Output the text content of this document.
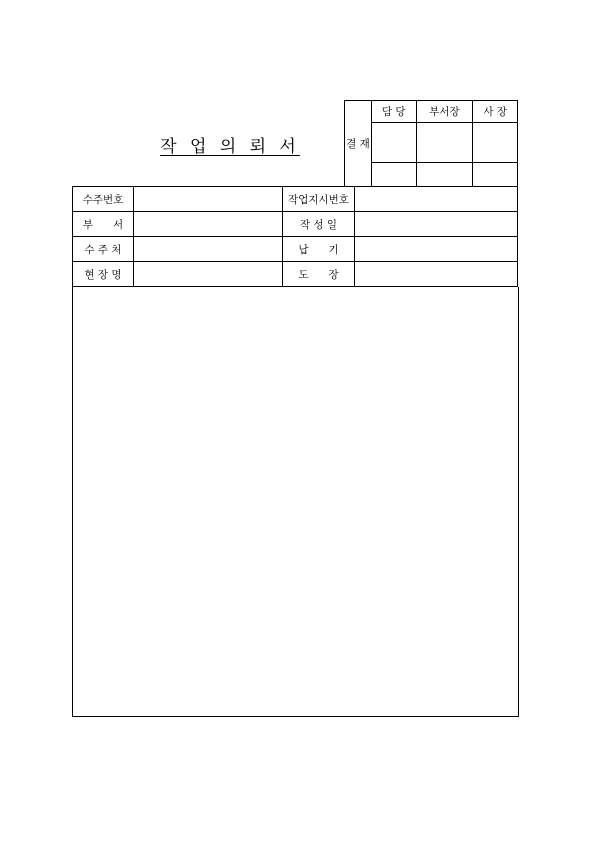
작 업 의 뢰 서	결 재	담 당	부서장	사 장

수주번호		작업지시번호	
부      서		작 성 일	
수 주 처		납      기	
현 장 명		도      장	
